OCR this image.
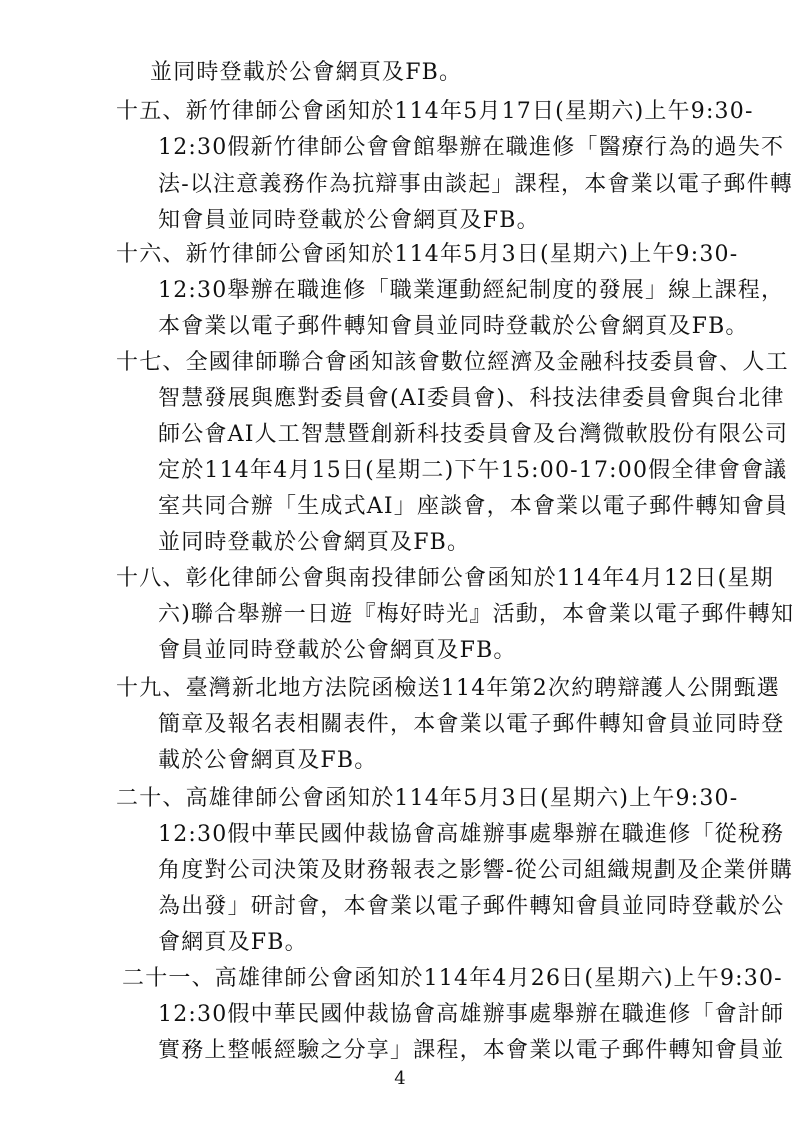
並同時登載於公會網頁及FB。
十五、新竹律師公會函知於114年5月17日(星期六)上午9:30-
12:30假新竹律師公會會館舉辦在職進修「醫療行為的過失不
法-以注意義務作為抗辯事由談起」課程，本會業以電子郵件轉
知會員並同時登載於公會網頁及FB。
十六、新竹律師公會函知於114年5月3日(星期六)上午9:30-
12:30舉辦在職進修「職業運動經紀制度的發展」線上課程，
本會業以電子郵件轉知會員並同時登載於公會網頁及FB。
十七、全國律師聯合會函知該會數位經濟及金融科技委員會、人工
智慧發展與應對委員會(AI委員會)、科技法律委員會與台北律
師公會AI人工智慧暨創新科技委員會及台灣微軟股份有限公司
定於114年4月15日(星期二)下午15:00-17:00假全律會會議
室共同合辦「生成式AI」座談會，本會業以電子郵件轉知會員
並同時登載於公會網頁及FB。
十八、彰化律師公會與南投律師公會函知於114年4月12日(星期
六)聯合舉辦一日遊『梅好時光』活動，本會業以電子郵件轉知
會員並同時登載於公會網頁及FB。
十九、臺灣新北地方法院函檢送114年第2次約聘辯護人公開甄選
簡章及報名表相關表件，本會業以電子郵件轉知會員並同時登
載於公會網頁及FB。
二十、高雄律師公會函知於114年5月3日(星期六)上午9:30-
12:30假中華民國仲裁協會高雄辦事處舉辦在職進修「從稅務
角度對公司決策及財務報表之影響-從公司組織規劃及企業併購
為出發」研討會，本會業以電子郵件轉知會員並同時登載於公
會網頁及FB。
二十一、高雄律師公會函知於114年4月26日(星期六)上午9:30-
12:30假中華民國仲裁協會高雄辦事處舉辦在職進修「會計師
實務上整帳經驗之分享」課程，本會業以電子郵件轉知會員並
4
